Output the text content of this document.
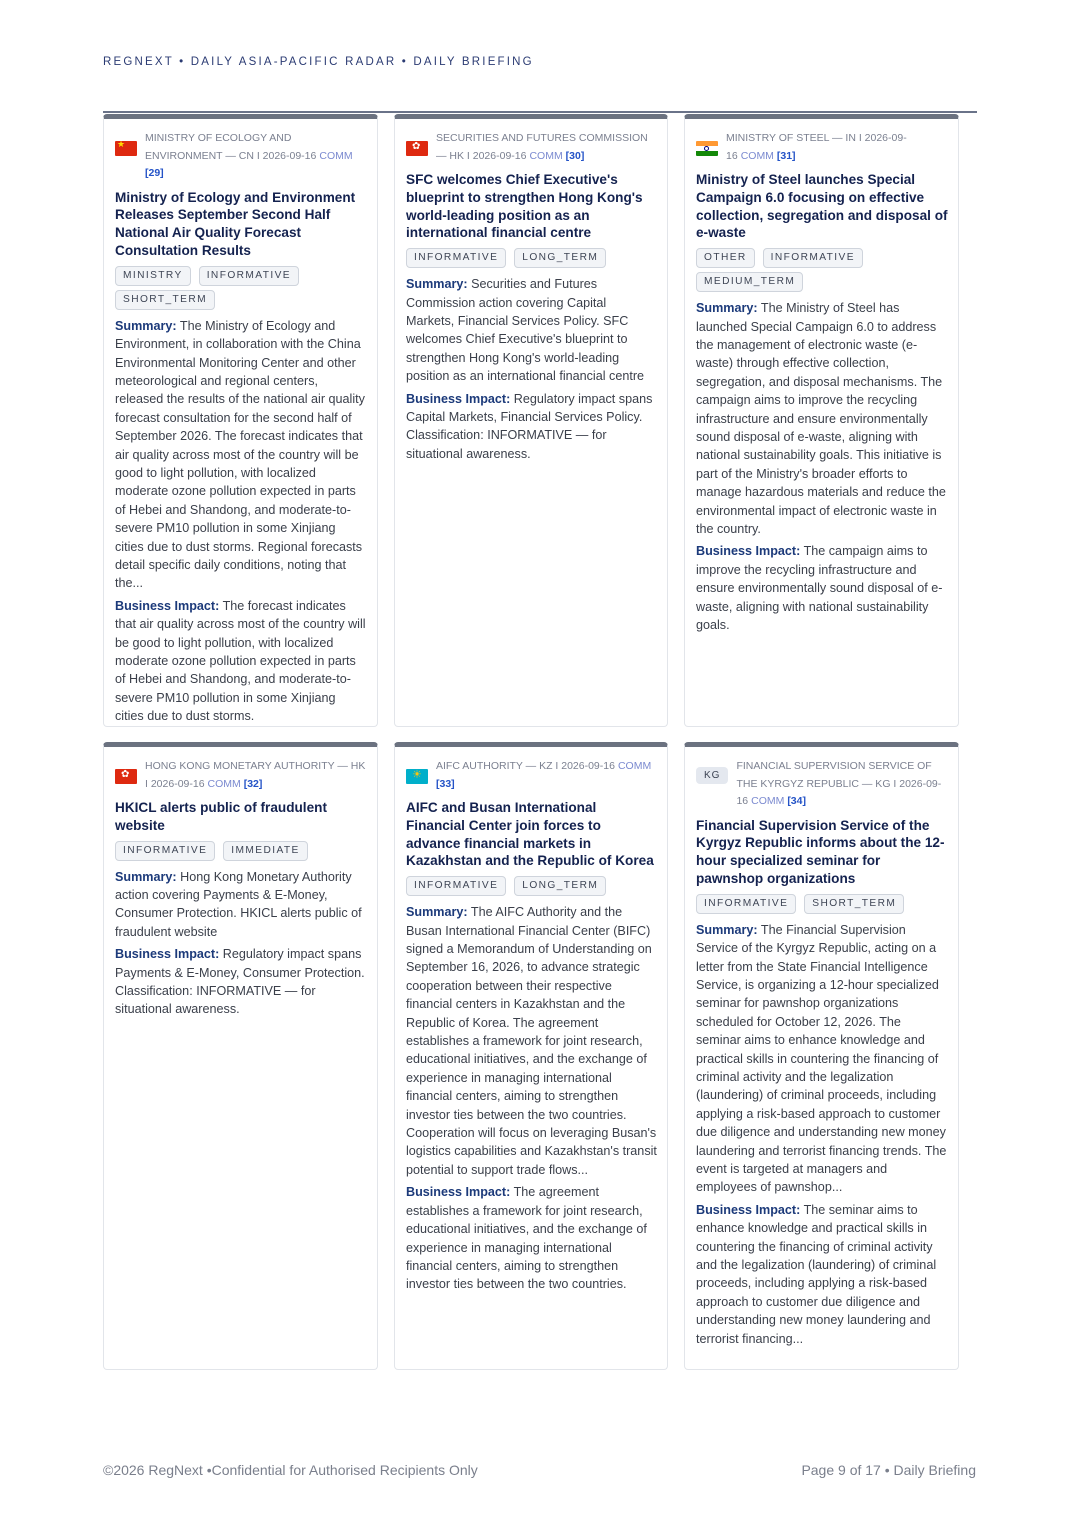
REGNEXT • DAILY ASIA-PACIFIC RADAR • DAILY BRIEFING
★
MINISTRY OF ECOLOGY AND ENVIRONMENT — CN I 2026-09-16 COMM
[29]
Ministry of Ecology and Environment Releases September Second Half National Air Quality Forecast Consultation Results
MINISTRY	INFORMATIVE
SHORT_TERM

Summary: The Ministry of Ecology and Environment, in collaboration with the China Environmental Monitoring Center and other meteorological and regional centers, released the results of the national air quality forecast consultation for the second half of September 2026. The forecast indicates that air quality across most of the country will be good to light pollution, with localized moderate ozone pollution expected in parts of Hebei and Shandong, and moderate-to-severe PM10 pollution in some Xinjiang cities due to dust storms. Regional forecasts detail specific daily conditions, noting that the...

Business Impact: The forecast indicates that air quality across most of the country will be good to light pollution, with localized moderate ozone pollution expected in parts of Hebei and Shandong, and moderate-to-severe PM10 pollution in some Xinjiang cities due to dust storms.

✿
SECURITIES AND FUTURES COMMISSION — HK I 2026-09-16 COMM [30]
SFC welcomes Chief Executive's blueprint to strengthen Hong Kong's world-leading position as an international financial centre
INFORMATIVE	LONG_TERM

Summary: Securities and Futures Commission action covering Capital Markets, Financial Services Policy. SFC welcomes Chief Executive's blueprint to strengthen Hong Kong's world-leading position as an international financial centre

Business Impact: Regulatory impact spans Capital Markets, Financial Services Policy. Classification: INFORMATIVE — for situational awareness.

MINISTRY OF STEEL — IN I 2026-09-16 COMM [31]
Ministry of Steel launches Special Campaign 6.0 focusing on effective collection, segregation and disposal of e-waste
OTHER	INFORMATIVE
MEDIUM_TERM

Summary: The Ministry of Steel has launched Special Campaign 6.0 to address the management of electronic waste (e-waste) through effective collection, segregation, and disposal mechanisms. The campaign aims to improve the recycling infrastructure and ensure environmentally sound disposal of e-waste, aligning with national sustainability goals. This initiative is part of the Ministry's broader efforts to manage hazardous materials and reduce the environmental impact of electronic waste in the country.

Business Impact: The campaign aims to improve the recycling infrastructure and ensure environmentally sound disposal of e-waste, aligning with national sustainability goals.

✿
HONG KONG MONETARY AUTHORITY — HK I 2026-09-16 COMM [32]
HKICL alerts public of fraudulent website
INFORMATIVE	IMMEDIATE

Summary: Hong Kong Monetary Authority action covering Payments & E-Money, Consumer Protection. HKICL alerts public of fraudulent website

Business Impact: Regulatory impact spans Payments & E-Money, Consumer Protection. Classification: INFORMATIVE — for situational awareness.

☀
AIFC AUTHORITY — KZ I 2026-09-16 COMM [33]
AIFC and Busan International Financial Center join forces to advance financial markets in Kazakhstan and the Republic of Korea
INFORMATIVE	LONG_TERM

Summary: The AIFC Authority and the Busan International Financial Center (BIFC) signed a Memorandum of Understanding on September 16, 2026, to advance strategic cooperation between their respective financial centers in Kazakhstan and the Republic of Korea. The agreement establishes a framework for joint research, educational initiatives, and the exchange of experience in managing international financial centers, aiming to strengthen investor ties between the two countries. Cooperation will focus on leveraging Busan's logistics capabilities and Kazakhstan's transit potential to support trade flows...

Business Impact: The agreement establishes a framework for joint research, educational initiatives, and the exchange of experience in managing international financial centers, aiming to strengthen investor ties between the two countries.

KG
FINANCIAL SUPERVISION SERVICE OF THE KYRGYZ REPUBLIC — KG I 2026-09-16 COMM [34]
Financial Supervision Service of the Kyrgyz Republic informs about the 12-hour specialized seminar for pawnshop organizations
INFORMATIVE	SHORT_TERM

Summary: The Financial Supervision Service of the Kyrgyz Republic, acting on a letter from the State Financial Intelligence Service, is organizing a 12-hour specialized seminar for pawnshop organizations scheduled for October 12, 2026. The seminar aims to enhance knowledge and practical skills in countering the financing of criminal activity and the legalization (laundering) of criminal proceeds, including applying a risk-based approach to customer due diligence and understanding new money laundering and terrorist financing trends. The event is targeted at managers and employees of pawnshop...

Business Impact: The seminar aims to enhance knowledge and practical skills in countering the financing of criminal activity and the legalization (laundering) of criminal proceeds, including applying a risk-based approach to customer due diligence and understanding new money laundering and terrorist financing...

©2026 RegNext •Confidential for Authorised Recipients Only	Page 9 of 17 • Daily Briefing
